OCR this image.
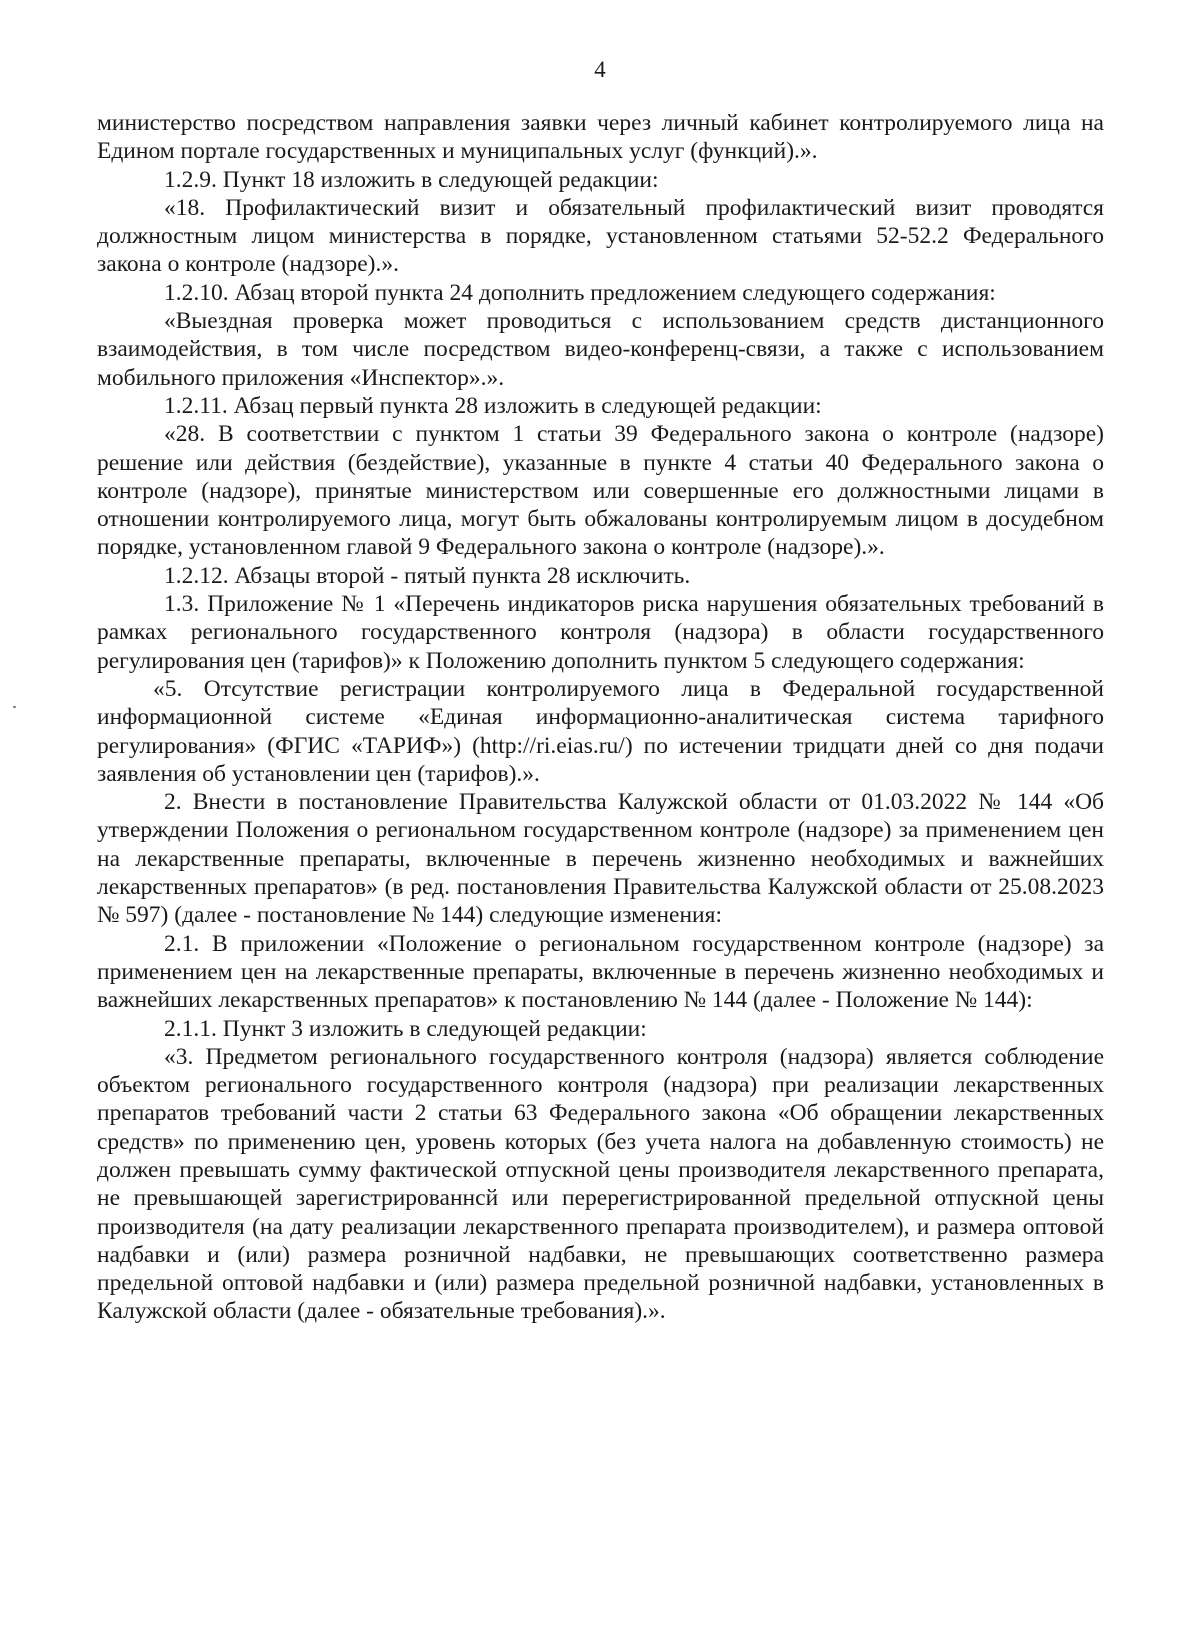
4

министерство посредством направления заявки через личный кабинет контролируемого лица на Едином портале государственных и муниципальных услуг (функций).».

1.2.9. Пункт 18 изложить в следующей редакции:

«18. Профилактический визит и обязательный профилактический визит проводятся должностным лицом министерства в порядке, установленном статьями 52-52.2 Федерального закона о контроле (надзоре).».

1.2.10. Абзац второй пункта 24 дополнить предложением следующего содержания:

«Выездная проверка может проводиться с использованием средств дистанционного взаимодействия, в том числе посредством видео-конференц-связи, а также с использованием мобильного приложения «Инспектор».».

1.2.11. Абзац первый пункта 28 изложить в следующей редакции:

«28. В соответствии с пунктом 1 статьи 39 Федерального закона о контроле (надзоре) решение или действия (бездействие), указанные в пункте 4 статьи 40 Федерального закона о контроле (надзоре), принятые министерством или совершенные его должностными лицами в отношении контролируемого лица, могут быть обжалованы контролируемым лицом в досудебном порядке, установленном главой 9 Федерального закона о контроле (надзоре).».

1.2.12. Абзацы второй - пятый пункта 28 исключить.

1.3. Приложение № 1 «Перечень индикаторов риска нарушения обязательных требований в рамках регионального государственного контроля (надзора) в области государственного регулирования цен (тарифов)» к Положению дополнить пунктом 5 следующего содержания:

«5. Отсутствие регистрации контролируемого лица в Федеральной государственной информационной системе «Единая информационно-аналитическая система тарифного регулирования» (ФГИС «ТАРИФ») (http://ri.eias.ru/) по истечении тридцати дней со дня подачи заявления об установлении цен (тарифов).».

2. Внести в постановление Правительства Калужской области от 01.03.2022 № 144 «Об утверждении Положения о региональном государственном контроле (надзоре) за применением цен на лекарственные препараты, включенные в перечень жизненно необходимых и важнейших лекарственных препаратов» (в ред. постановления Правительства Калужской области от 25.08.2023 № 597) (далее - постановление № 144) следующие изменения:

2.1. В приложении «Положение о региональном государственном контроле (надзоре) за применением цен на лекарственные препараты, включенные в перечень жизненно необходимых и важнейших лекарственных препаратов» к постановлению № 144 (далее - Положение № 144):

2.1.1. Пункт 3 изложить в следующей редакции:

«3. Предметом регионального государственного контроля (надзора) является соблюдение объектом регионального государственного контроля (надзора) при реализации лекарственных препаратов требований части 2 статьи 63 Федерального закона «Об обращении лекарственных средств» по применению цен, уровень которых (без учета налога на добавленную стоимость) не должен превышать сумму фактической отпускной цены производителя лекарственного препарата, не превышающей зарегистрированнсй или перерегистрированной предельной отпускной цены производителя (на дату реализации лекарственного препарата производителем), и размера оптовой надбавки и (или) размера розничной надбавки, не превышающих соответственно размера предельной оптовой надбавки и (или) размера предельной розничной надбавки, установленных в Калужской области (далее - обязательные требования).».
